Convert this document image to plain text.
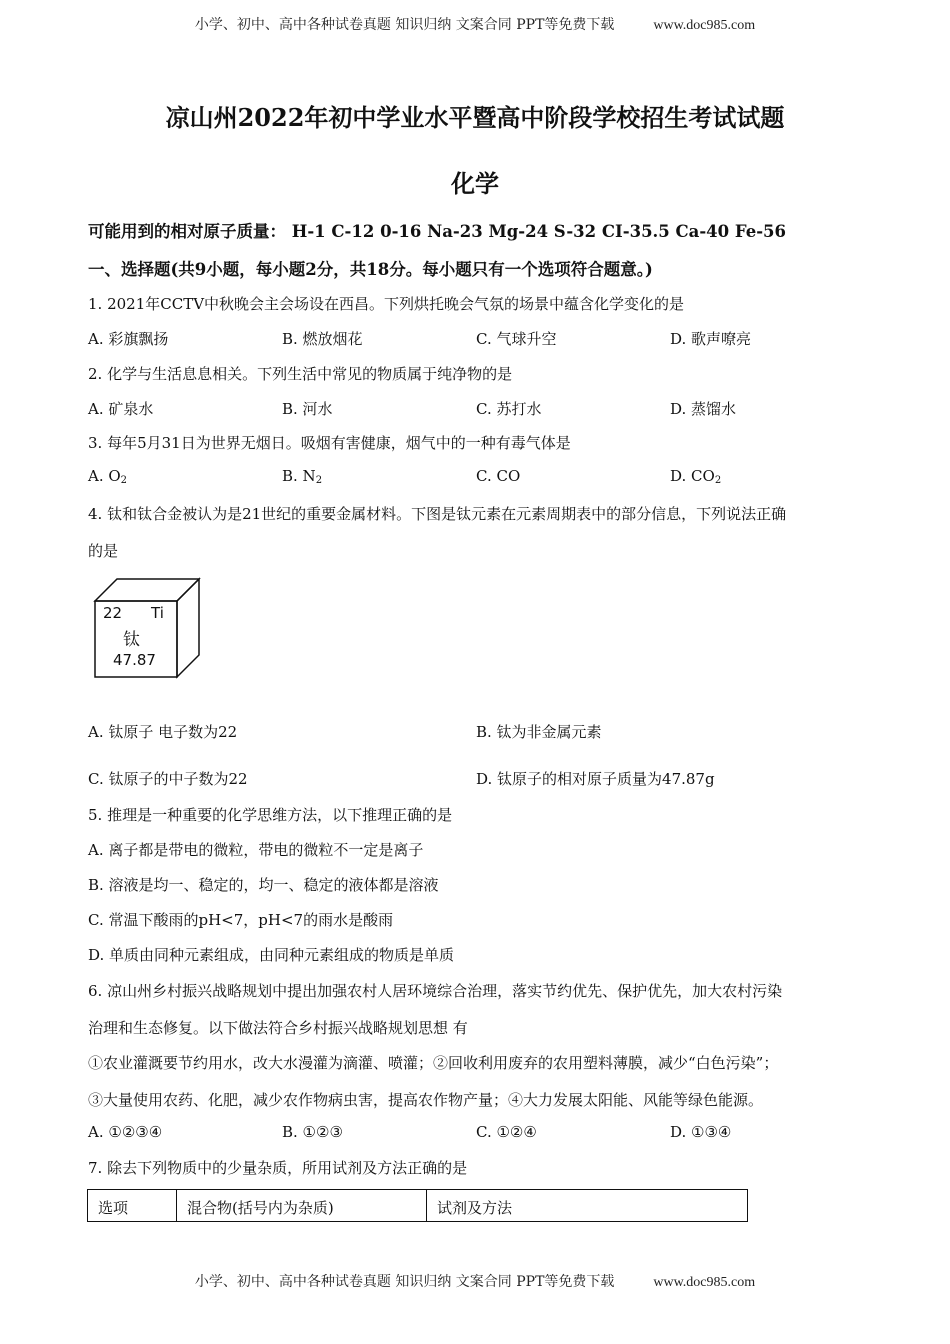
小学、初中、高中各种试卷真题 知识归纳 文案合同 PPT等免费下载	www.doc985.com
凉山州2022年初中学业水平暨高中阶段学校招生考试试题
化学
可能用到的相对原子质量： H-1 C-12 0-16 Na-23 Mg-24 S-32 CI-35.5 Ca-40 Fe-56
一、选择题(共9小题，每小题2分，共18分。每小题只有一个选项符合题意。)
1. 2021年CCTV中秋晚会主会场设在西昌。下列烘托晚会气氛的场景中蕴含化学变化的是
A. 彩旗飘扬	B. 燃放烟花	C. 气球升空	D. 歌声嘹亮
2. 化学与生活息息相关。下列生活中常见的物质属于纯净物的是
A. 矿泉水	B. 河水	C. 苏打水	D. 蒸馏水
3. 每年5月31日为世界无烟日。吸烟有害健康，烟气中的一种有毒气体是
A. $O_2$	B. $N_2$	C. CO	D. $CO_2$
4. 钛和钛合金被认为是21世纪的重要金属材料。下图是钛元素在元素周期表中的部分信息，下列说法正确
的是
22 Ti
钛
47.87
A. 钛原子 电子数为22	B. 钛为非金属元素
C. 钛原子的中子数为22	D. 钛原子的相对原子质量为47.87g
5. 推理是一种重要的化学思维方法，以下推理正确的是
A. 离子都是带电的微粒，带电的微粒不一定是离子
B. 溶液是均一、稳定的，均一、稳定的液体都是溶液
C. 常温下酸雨的pH<7，pH<7的雨水是酸雨
D. 单质由同种元素组成，由同种元素组成的物质是单质
6. 凉山州乡村振兴战略规划中提出加强农村人居环境综合治理，落实节约优先、保护优先，加大农村污染
治理和生态修复。以下做法符合乡村振兴战略规划思想 有
①农业灌溉要节约用水，改大水漫灌为滴灌、喷灌；②回收利用废弃的农用塑料薄膜，减少“白色污染”；
③大量使用农药、化肥，减少农作物病虫害，提高农作物产量；④大力发展太阳能、风能等绿色能源。
A. ①②③④	B. ①②③	C. ①②④	D. ①③④
7. 除去下列物质中的少量杂质，所用试剂及方法正确的是
选项	混合物(括号内为杂质)	试剂及方法
小学、初中、高中各种试卷真题 知识归纳 文案合同 PPT等免费下载	www.doc985.com
